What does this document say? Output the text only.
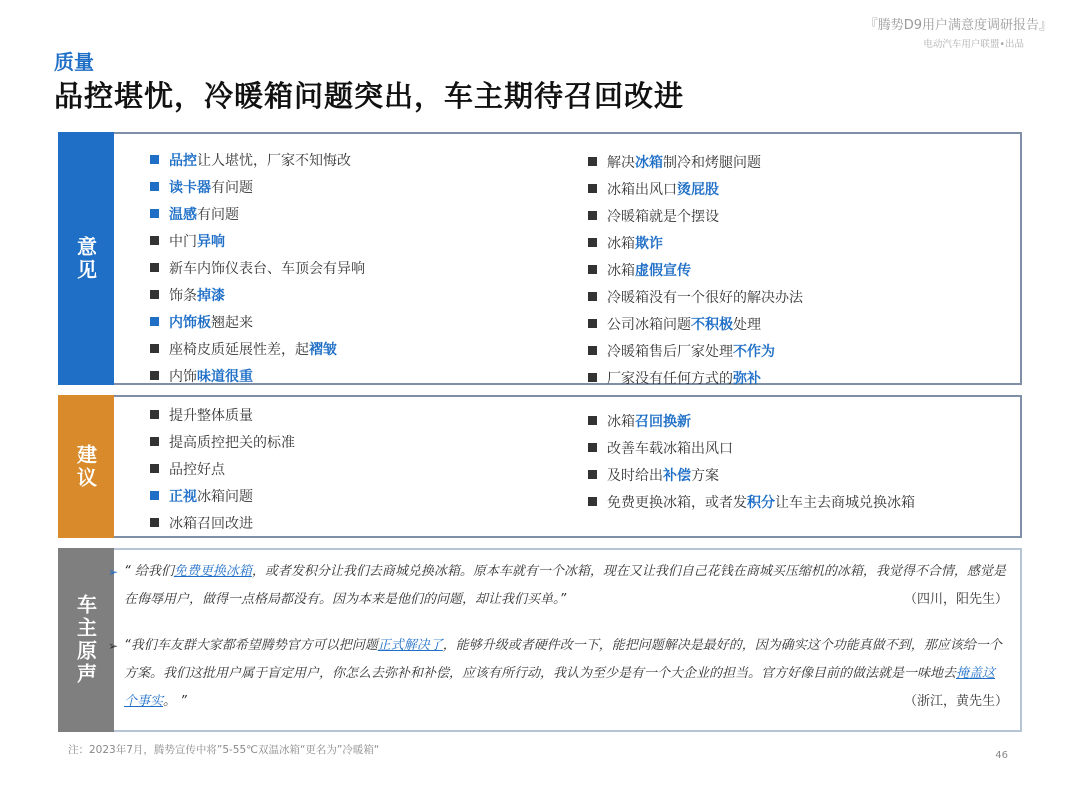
『腾势D9用户满意度调研报告』
电动汽车用户联盟•出品
质量
品控堪忧，冷暖箱问题突出，车主期待召回改进
意见
品控 让人堪忧，厂家不知悔改
读卡器 有问题
温感 有问题
中门 异响
新车内饰仪表台、车顶会有异响
饰条 掉漆
内饰板 翘起来
座椅皮质延展性差，起 褶皱
内饰 味道很重
解决 冰箱 制冷和烤腿问题
冰箱出风口 烫屁股
冷暖箱就是个摆设
冰箱 欺诈
冰箱 虚假宣传
冷暖箱没有一个很好的解决办法
公司冰箱问题 不积极 处理
冷暖箱售后厂家处理 不作为
厂家没有任何方式的 弥补
建议
提升整体质量
提高质控把关的标准
品控好点
正视 冰箱问题
冰箱召回改进
冰箱 召回换新
改善车载冰箱出风口
及时给出 补偿 方案
免费更换冰箱，或者发 积分 让车主去商城兑换冰箱
车主原声
➢ “ 给我们免费更换冰箱，或者发积分让我们去商城兑换冰箱。原本车就有一个冰箱，现在又让我们自己花钱在商城买压缩机的冰箱，我觉得不合情，感觉是在侮辱用户，做得一点格局都没有。因为本来是他们的问题，却让我们买单。”　　　　　　	（四川，阳先生）
➢ “我们车友群大家都希望腾势官方可以把问题正式解决了，能够升级或者硬件改一下，能把问题解决是最好的，因为确实这个功能真做不到，那应该给一个方案。我们这批用户属于盲定用户，你怎么去弥补和补偿，应该有所行动，我认为至少是有一个大企业的担当。官方好像目前的做法就是一味地去掩盖这个事实。 ”　　　　　　	（浙江，黄先生）
注：2023年7月，腾势宣传中将”5-55℃双温冰箱“更名为”冷暖箱“	46
